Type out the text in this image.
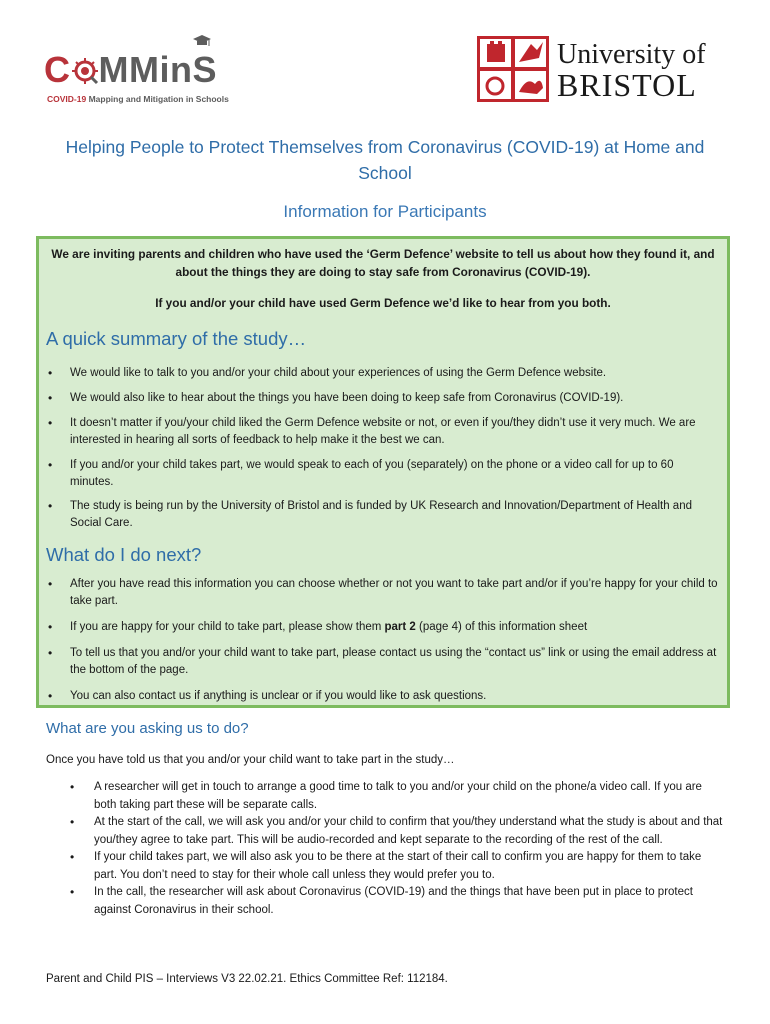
C MMinS
COVID-19 Mapping and Mitigation in Schools
University of
BRISTOL
Helping People to Protect Themselves from Coronavirus (COVID-19) at Home and School
Information for Participants
We are inviting parents and children who have used the ‘Germ Defence’ website to tell us about how they found it, and about the things they are doing to stay safe from Coronavirus (COVID-19).
If you and/or your child have used Germ Defence we’d like to hear from you both.
A quick summary of the study…
• We would like to talk to you and/or your child about your experiences of using the Germ Defence website.
• We would also like to hear about the things you have been doing to keep safe from Coronavirus (COVID-19).
• It doesn’t matter if you/your child liked the Germ Defence website or not, or even if you/they didn’t use it very much. We are interested in hearing all sorts of feedback to help make it the best we can.
• If you and/or your child takes part, we would speak to each of you (separately) on the phone or a video call for up to 60 minutes.
• The study is being run by the University of Bristol and is funded by UK Research and Innovation/Department of Health and Social Care.
What do I do next?
• After you have read this information you can choose whether or not you want to take part and/or if you’re happy for your child to take part.
• If you are happy for your child to take part, please show them part 2 (page 4) of this information sheet
• To tell us that you and/or your child want to take part, please contact us using the “contact us” link or using the email address at the bottom of the page.
• You can also contact us if anything is unclear or if you would like to ask questions.
What are you asking us to do?
Once you have told us that you and/or your child want to take part in the study…
• A researcher will get in touch to arrange a good time to talk to you and/or your child on the phone/a video call. If you are both taking part these will be separate calls.
• At the start of the call, we will ask you and/or your child to confirm that you/they understand what the study is about and that you/they agree to take part. This will be audio-recorded and kept separate to the recording of the rest of the call.
• If your child takes part, we will also ask you to be there at the start of their call to confirm you are happy for them to take part. You don’t need to stay for their whole call unless they would prefer you to.
• In the call, the researcher will ask about Coronavirus (COVID-19) and the things that have been put in place to protect against Coronavirus in their school.
Parent and Child PIS – Interviews V3 22.02.21. Ethics Committee Ref: 112184.
